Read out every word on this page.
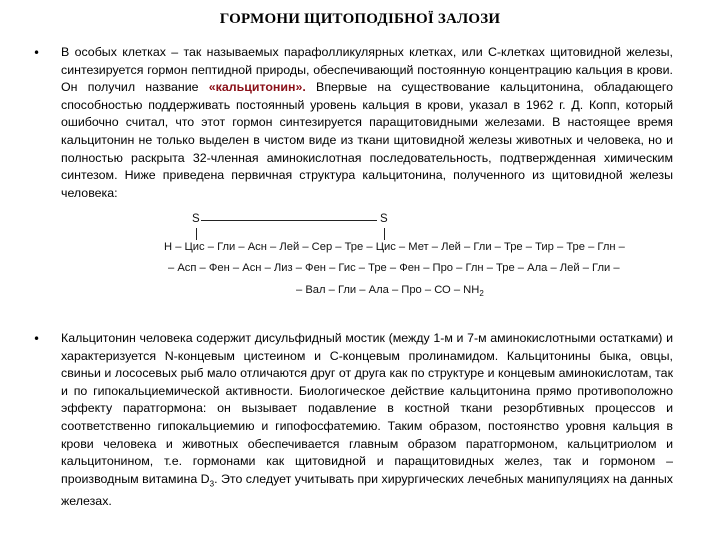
ГОРМОНИ ЩИТОПОДІБНОЇ ЗАЛОЗИ
• В особых клетках – так называемых парафолликулярных клетках, или С-клетках щитовидной железы, синтезируется гормон пептидной природы, обеспечивающий постоянную концентрацию кальция в крови. Он получил название «кальцитонин». Впервые на существование кальцитонина, обладающего способностью поддерживать постоянный уровень кальция в крови, указал в 1962 г. Д. Копп, который ошибочно считал, что этот гормон синтезируется паращитовидными железами. В настоящее время кальцитонин не только выделен в чистом виде из ткани щитовидной железы животных и человека, но и полностью раскрыта 32-членная аминокислотная последовательность, подтвержденная химическим синтезом. Ниже приведена первичная структура кальцитонина, полученного из щитовидной железы человека:
S	S
Н – Цис – Гли – Асн – Лей – Сер – Тре – Цис – Мет – Лей – Гли – Тре – Тир – Тре – Глн –
– Асп – Фен – Асн – Лиз – Фен – Гис – Тре – Фен – Про – Глн – Тре – Ала – Лей – Гли –
– Вал – Гли – Ала – Про – СО – $NH_2$
• Кальцитонин человека содержит дисульфидный мостик (между 1-м и 7-м аминокислотными остатками) и характеризуется N-концевым цистеином и С-концевым пролинамидом. Кальцитонины быка, овцы, свиньи и лососевых рыб мало отличаются друг от друга как по структуре и концевым аминокислотам, так и по гипокальциемической активности. Биологическое действие кальцитонина прямо противоположно эффекту паратгормона: он вызывает подавление в костной ткани резорбтивных процессов и соответственно гипокальциемию и гипофосфатемию. Таким образом, постоянство уровня кальция в крови человека и животных обеспечивается главным образом паратгормоном, кальцитриолом и кальцитонином, т.е. гормонами как щитовидной и паращитовидных желез, так и гормоном – производным витамина $D_3$. Это следует учитывать при хирургических лечебных манипуляциях на данных железах.
